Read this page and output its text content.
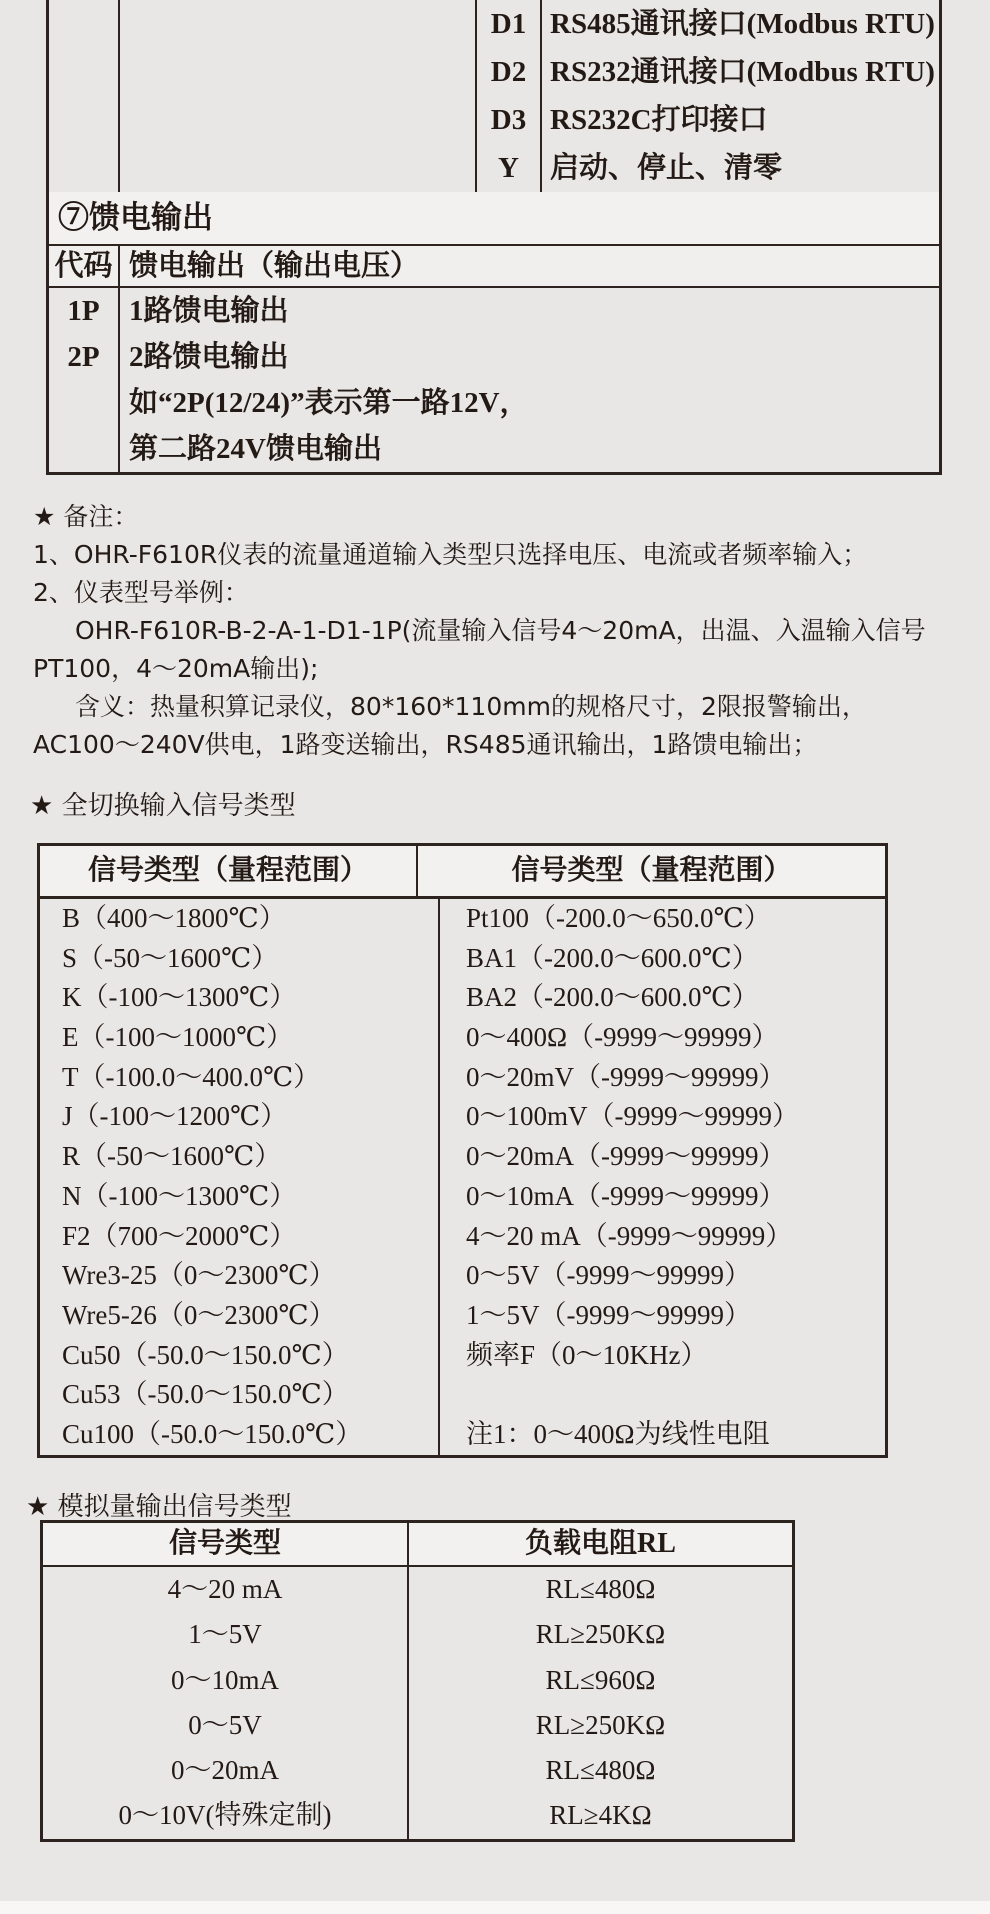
D1
D2
D3
Y
RS485通讯接口(Modbus RTU)
RS232通讯接口(Modbus RTU)
RS232C打印接口
启动、停止、清零
⑦馈电输出
代码 馈电输出（输出电压）
1P
2P
1路馈电输出
2路馈电输出
如“2P(12/24)”表示第一路12V，
第二路24V馈电输出

★ 备注：

1、OHR-F610R仪表的流量通道输入类型只选择电压、电流或者频率输入；

2、仪表型号举例：

OHR-F610R-B-2-A-1-D1-1P(流量输入信号4～20mA，出温、入温输入信号

PT100，4～20mA输出);

含义：热量积算记录仪，80*160*110mm的规格尺寸，2限报警输出，

AC100～240V供电，1路变送输出，RS485通讯输出，1路馈电输出；

★ 全切换输入信号类型
信号类型（量程范围）	信号类型（量程范围）
B（400～1800℃）
S（-50～1600℃）
K（-100～1300℃）
E（-100～1000℃）
T（-100.0～400.0℃）
J（-100～1200℃）
R（-50～1600℃）
N（-100～1300℃）
F2（700～2000℃）
Wre3-25（0～2300℃）
Wre5-26（0～2300℃）
Cu50（-50.0～150.0℃）
Cu53（-50.0～150.0℃）
Cu100（-50.0～150.0℃）
Pt100（-200.0～650.0℃）
BA1（-200.0～600.0℃）
BA2（-200.0～600.0℃）
0～400Ω（-9999～99999）
0～20mV（-9999～99999）
0～100mV（-9999～99999）
0～20mA（-9999～99999）
0～10mA（-9999～99999）
4～20 mA（-9999～99999）
0～5V（-9999～99999）
1～5V（-9999～99999）
频率F（0～10KHz）
注1：0～400Ω为线性电阻
★ 模拟量输出信号类型
信号类型	负载电阻RL
4～20 mA
1～5V
0～10mA
0～5V
0～20mA
0～10V(特殊定制)
RL≤480Ω
RL≥250KΩ
RL≤960Ω
RL≥250KΩ
RL≤480Ω
RL≥4KΩ
